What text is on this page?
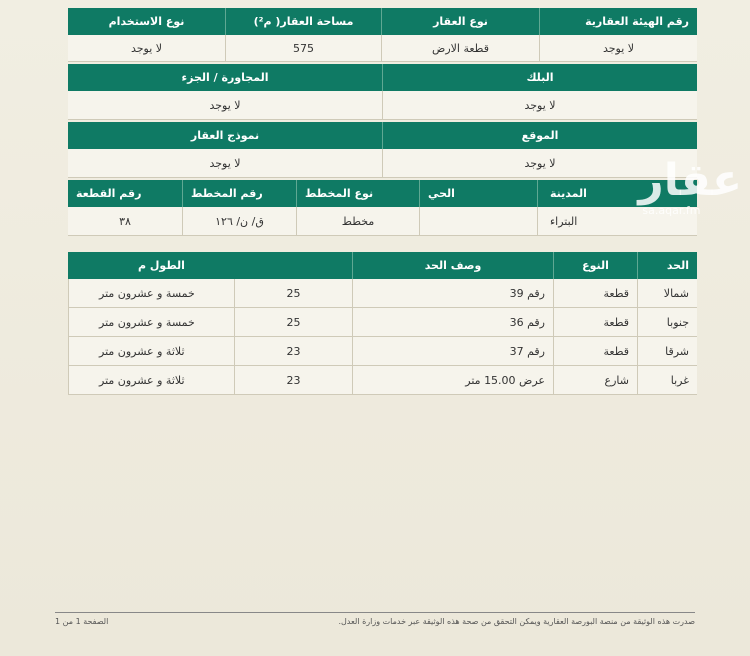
رقم الهيئة العقارية
نوع العقار
مساحة العقار( م²)
نوع الاستخدام
لا يوجد
قطعة الارض
575
لا يوجد
البلك
المجاورة / الجزء
لا يوجد
لا يوجد
الموقع
نموذج العقار
لا يوجد
لا يوجد
المدينة
الحي
نوع المخطط
رقم المخطط
رقم القطعة
البتراء
مخطط
ق/ ن/ ١٢٦
٣٨
الحد
النوع
وصف الحد
الطول م
شمالا
قطعة
رقم 39
25
خمسة و عشرون متر
جنوبا
قطعة
رقم 36
25
خمسة و عشرون متر
شرقا
قطعة
رقم 37
23
ثلاثة و عشرون متر
غربا
شارع
عرض 15.00 متر
23
ثلاثة و عشرون متر
عقار
sa.aqar.fm
صدرت هذه الوثيقة من منصة البورصة العقارية ويمكن التحقق من صحة هذه الوثيقة عبر خدمات وزارة العدل.
الصفحة 1 من 1
